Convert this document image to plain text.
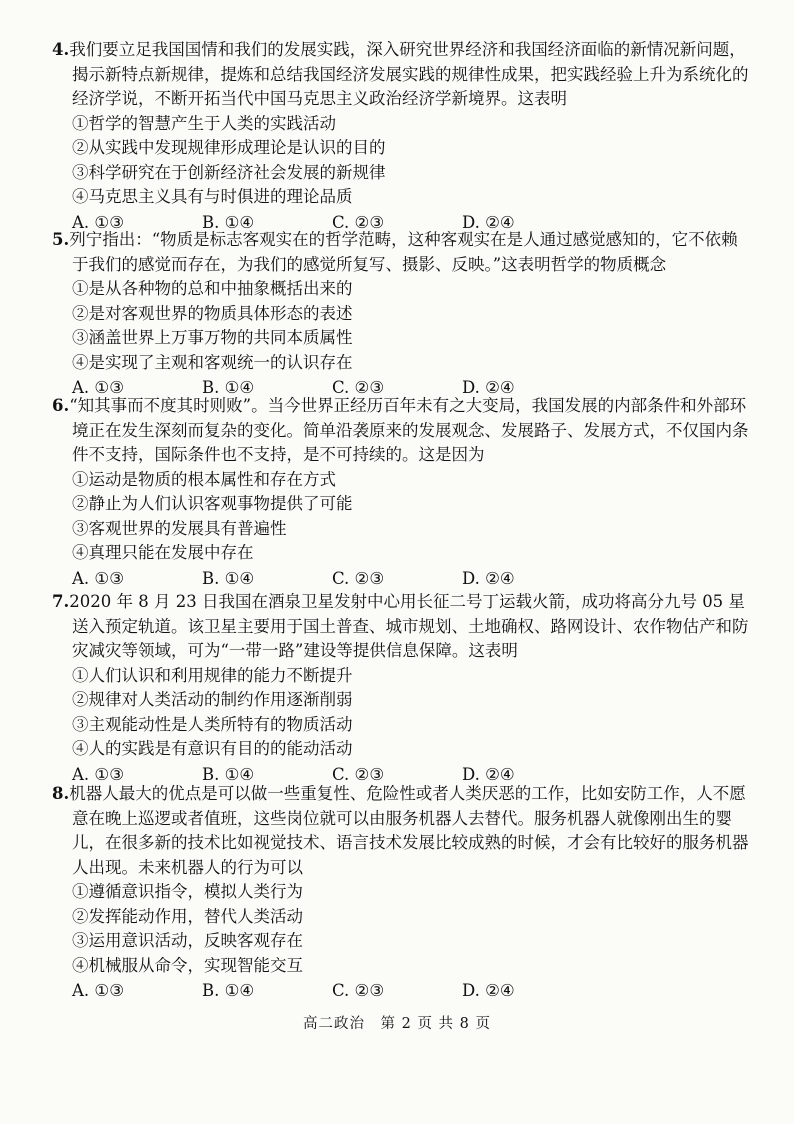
4.我们要立足我国国情和我们的发展实践，深入研究世界经济和我国经济面临的新情况新问题，揭示新特点新规律，提炼和总结我国经济发展实践的规律性成果，把实践经验上升为系统化的经济学说，不断开拓当代中国马克思主义政治经济学新境界。这表明

①哲学的智慧产生于人类的实践活动

②从实践中发现规律形成理论是认识的目的

③科学研究在于创新经济社会发展的新规律

④马克思主义具有与时俱进的理论品质

A. ①③	B. ①④	C. ②③	D. ②④

5.列宁指出：“物质是标志客观实在的哲学范畴，这种客观实在是人通过感觉感知的，它不依赖于我们的感觉而存在，为我们的感觉所复写、摄影、反映。”这表明哲学的物质概念

①是从各种物的总和中抽象概括出来的

②是对客观世界的物质具体形态的表述

③涵盖世界上万事万物的共同本质属性

④是实现了主观和客观统一的认识存在

A. ①③	B. ①④	C. ②③	D. ②④

6.“知其事而不度其时则败”。当今世界正经历百年未有之大变局，我国发展的内部条件和外部环境正在发生深刻而复杂的变化。简单沿袭原来的发展观念、发展路子、发展方式，不仅国内条件不支持，国际条件也不支持，是不可持续的。这是因为

①运动是物质的根本属性和存在方式

②静止为人们认识客观事物提供了可能

③客观世界的发展具有普遍性

④真理只能在发展中存在

A. ①③	B. ①④	C. ②③	D. ②④

7.2020 年 8 月 23 日我国在酒泉卫星发射中心用长征二号丁运载火箭，成功将高分九号 05 星送入预定轨道。该卫星主要用于国土普查、城市规划、土地确权、路网设计、农作物估产和防灾减灾等领域，可为“一带一路”建设等提供信息保障。这表明

①人们认识和利用规律的能力不断提升

②规律对人类活动的制约作用逐渐削弱

③主观能动性是人类所特有的物质活动

④人的实践是有意识有目的的能动活动

A. ①③	B. ①④	C. ②③	D. ②④

8.机器人最大的优点是可以做一些重复性、危险性或者人类厌恶的工作，比如安防工作，人不愿意在晚上巡逻或者值班，这些岗位就可以由服务机器人去替代。服务机器人就像刚出生的婴儿，在很多新的技术比如视觉技术、语言技术发展比较成熟的时候，才会有比较好的服务机器人出现。未来机器人的行为可以

①遵循意识指令，模拟人类行为

②发挥能动作用，替代人类活动

③运用意识活动，反映客观存在

④机械服从命令，实现智能交互

A. ①③	B. ①④	C. ②③	D. ②④
高二政治　第 2 页 共 8 页
